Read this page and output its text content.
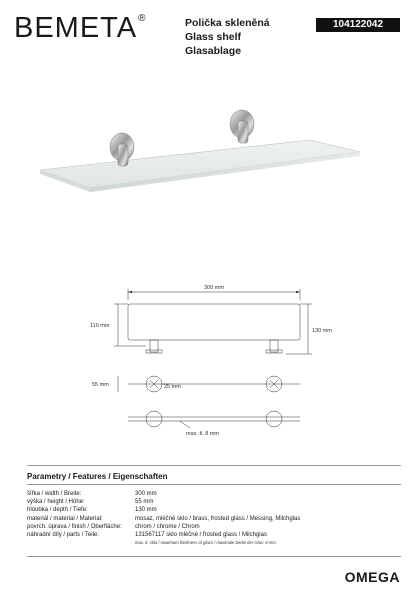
BEMETA®	Polička skleněná
Glass shelf
Glasablage
104122042
300 mm
110 mm
130 mm
55 mm	25 mm
max. tl. 8 mm
Parametry / Features / Eigenschaften
šířka / width / Breite:	300 mm
výška / height / Höhe:	55 mm
hloubka / depth / Tiefe:	130 mm
materiál / material / Material:	mosaz, mléčné sklo / brass, frosted glass / Messing, Milchglas
povrch. úprava / finish / Oberfläche:	chrom / chrome / Chrom
náhradní díly / parts / Teile:	131567117 sklo mléčné / frosted glass / Milchglas
max. tl. skla / maximum thickness of glass / maximale Dicke der Glas: 8 mm
OMEGA
